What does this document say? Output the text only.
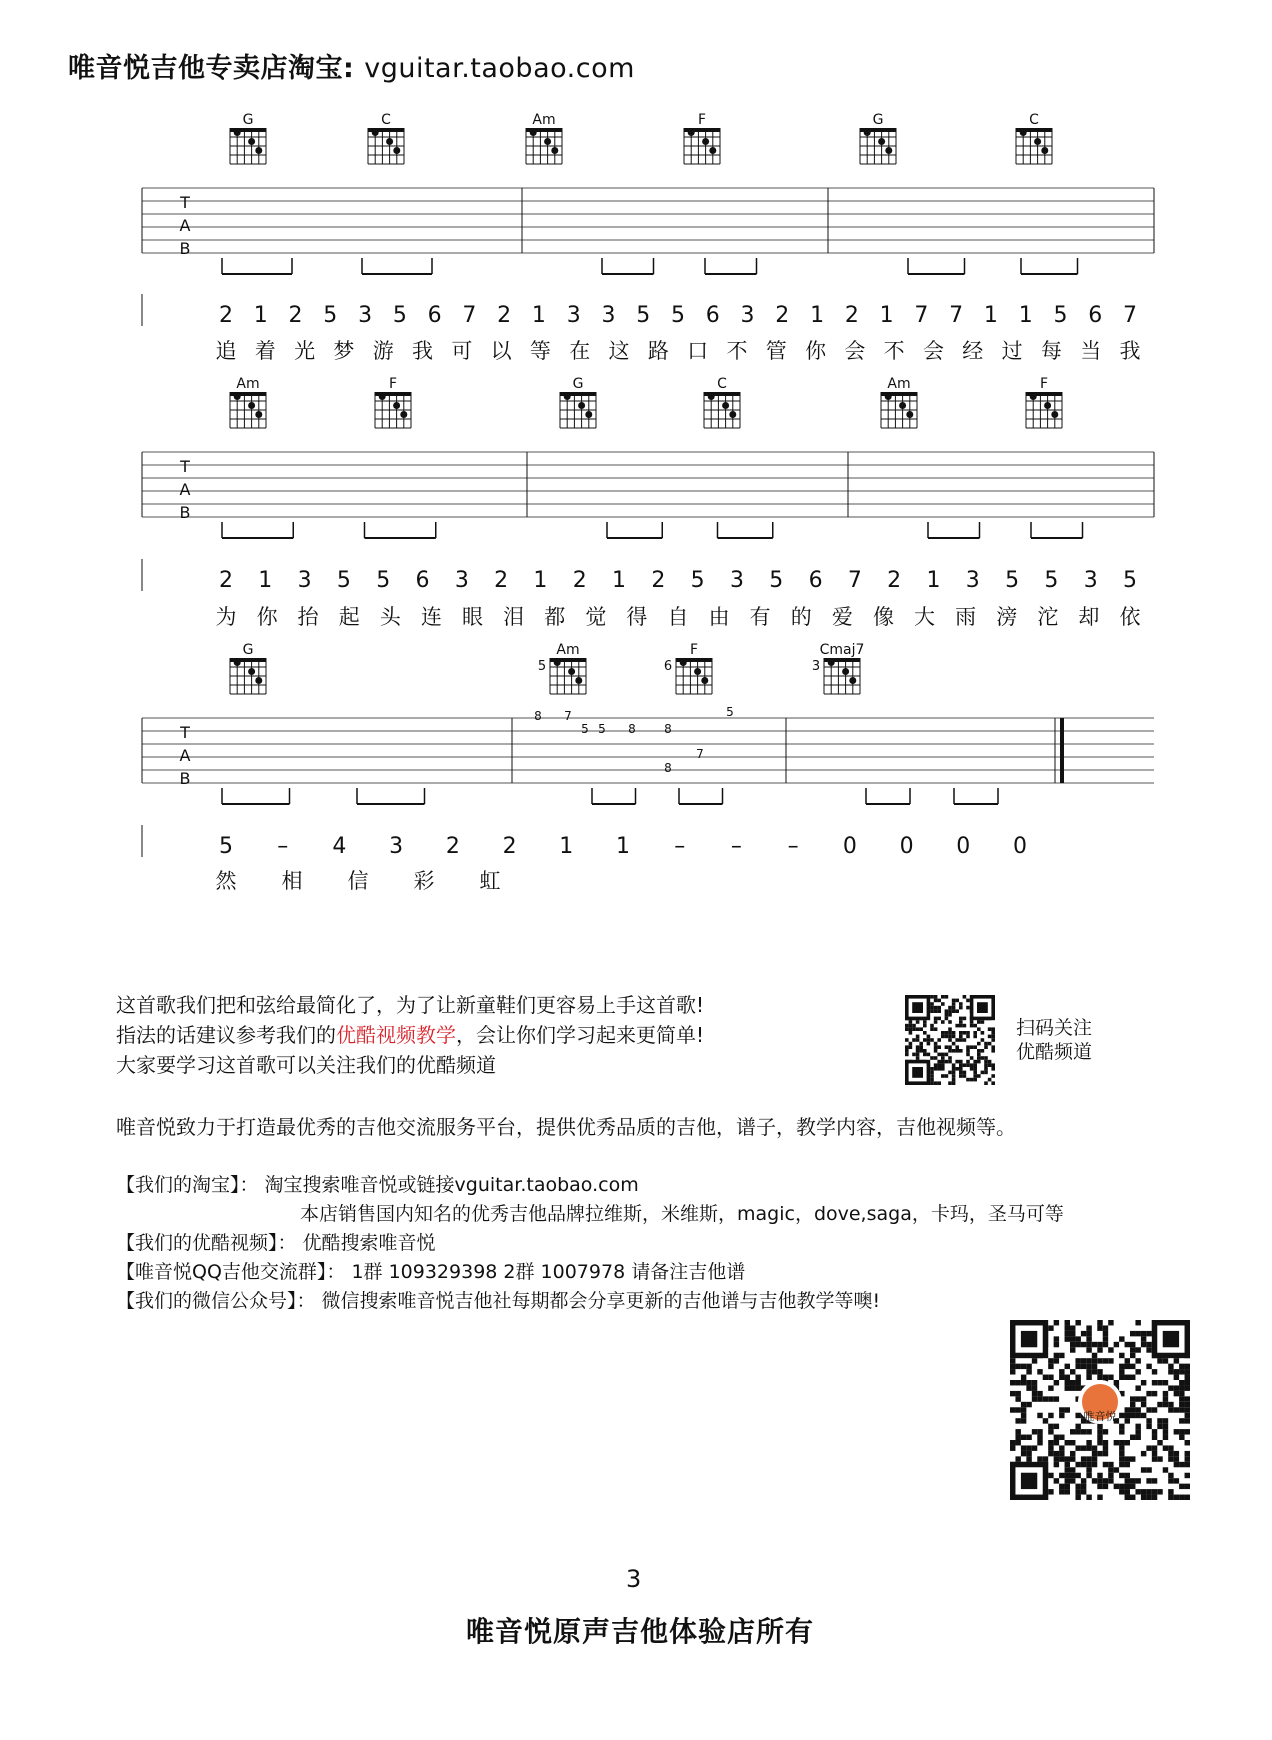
唯音悦吉他专卖店淘宝: vguitar.taobao.com
G	C	Am	F	G	C
T
A
B
2 1 2 5 3 5 6 7 2 1 3 3 5 5 6 3 2 1 2 1 7 7 1 1 5 6 7
追 着 光 梦 游 我 可 以 等 在 这 路 口 不 管 你 会 不 会 经 过 每 当 我
Am	F	G	C	Am	F
T
A
B
2 1 3 5 5 6 3 2 1 2 1 2 5 3 5 6 7 2 1 3 5 5 3 5
为 你 抬 起 头 连 眼 泪 都 觉 得 自 由 有 的 爱 像 大 雨 滂 沱 却 依
G	Am
5
F
6
Cmaj7
3
T
A
B
5 – 4 3 2 2 1 1 – – – 0 0 0 0
然 相 信 彩 虹
8 7
5 5 8 8
8
7
5
这首歌我们把和弦给最简化了，为了让新童鞋们更容易上手这首歌!
指法的话建议参考我们的优酷视频教学，会让你们学习起来更简单!
大家要学习这首歌可以关注我们的优酷频道
扫码关注
优酷频道
唯音悦致力于打造最优秀的吉他交流服务平台，提供优秀品质的吉他，谱子，教学内容，吉他视频等。
【我们的淘宝】： 淘宝搜索唯音悦或链接vguitar.taobao.com
本店销售国内知名的优秀吉他品牌拉维斯，米维斯，magic，dove,saga，卡玛，圣马可等
【我们的优酷视频】： 优酷搜索唯音悦
【唯音悦QQ吉他交流群】： 1群 109329398 2群 1007978 请备注吉他谱
【我们的微信公众号】： 微信搜索唯音悦吉他社每期都会分享更新的吉他谱与吉他教学等噢!
唯音悦
3
唯音悦原声吉他体验店所有
